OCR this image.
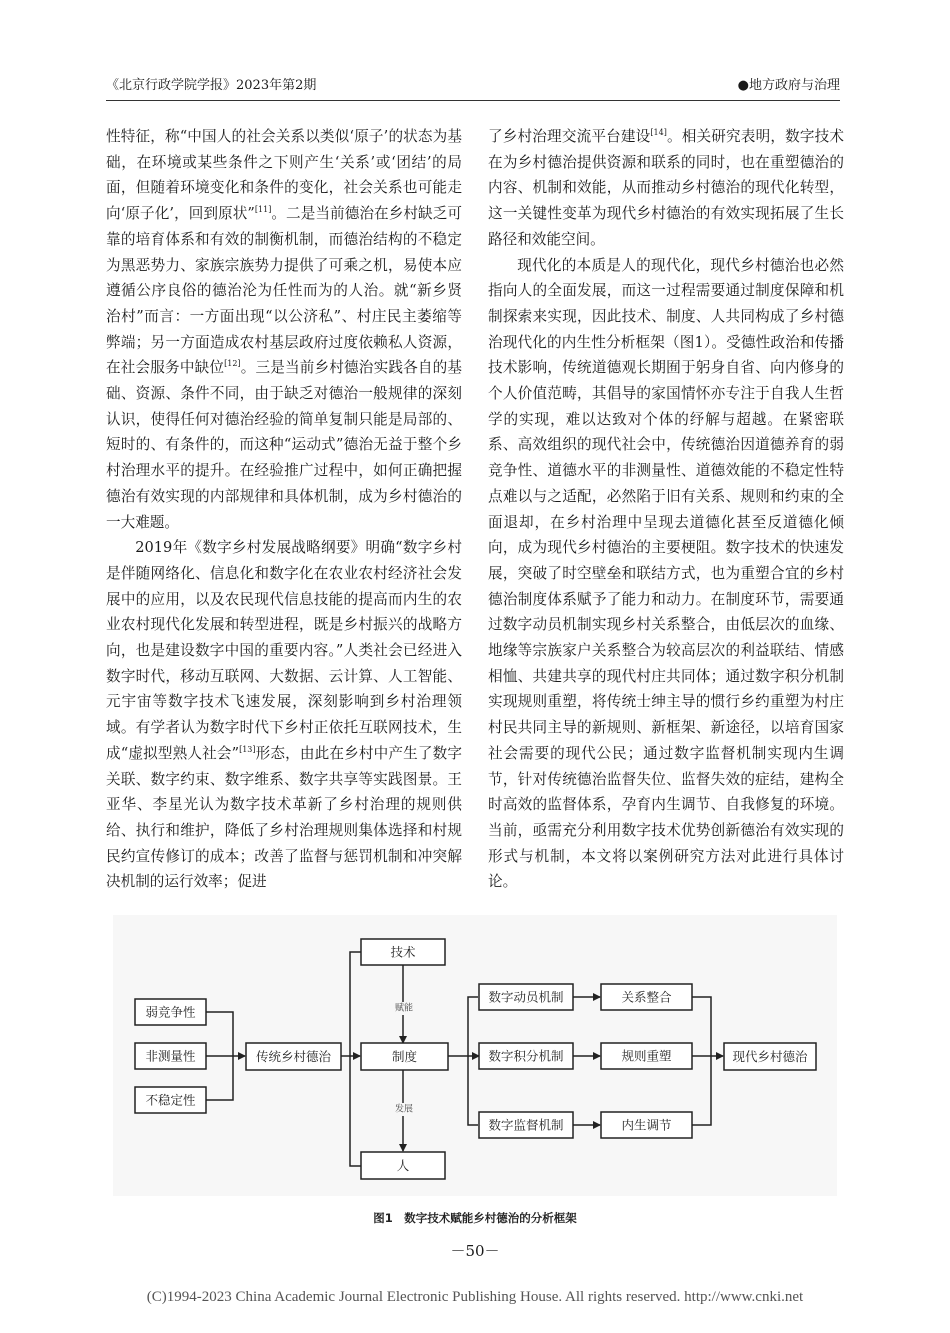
《北京行政学院学报》2023年第2期	●地方政府与治理

性特征，称“中国人的社会关系以类似‘原子’的状态为基础，在环境或某些条件之下则产生‘关系’或‘团结’的局面，但随着环境变化和条件的变化，社会关系也可能走向‘原子化’，回到原状”[11]。二是当前德治在乡村缺乏可靠的培育体系和有效的制衡机制，而德治结构的不稳定为黑恶势力、家族宗族势力提供了可乘之机，易使本应遵循公序良俗的德治沦为任性而为的人治。就“新乡贤治村”而言：一方面出现“以公济私”、村庄民主萎缩等弊端；另一方面造成农村基层政府过度依赖私人资源，在社会服务中缺位[12]。三是当前乡村德治实践各自的基础、资源、条件不同，由于缺乏对德治一般规律的深刻认识，使得任何对德治经验的简单复制只能是局部的、短时的、有条件的，而这种“运动式”德治无益于整个乡村治理水平的提升。在经验推广过程中，如何正确把握德治有效实现的内部规律和具体机制，成为乡村德治的一大难题。

2019年《数字乡村发展战略纲要》明确“数字乡村是伴随网络化、信息化和数字化在农业农村经济社会发展中的应用，以及农民现代信息技能的提高而内生的农业农村现代化发展和转型进程，既是乡村振兴的战略方向，也是建设数字中国的重要内容。”人类社会已经进入数字时代，移动互联网、大数据、云计算、人工智能、元宇宙等数字技术飞速发展，深刻影响到乡村治理领域。有学者认为数字时代下乡村正依托互联网技术，生成“虚拟型熟人社会”[13]形态，由此在乡村中产生了数字关联、数字约束、数字维系、数字共享等实践图景。王亚华、李星光认为数字技术革新了乡村治理的规则供给、执行和维护，降低了乡村治理规则集体选择和村规民约宣传修订的成本；改善了监督与惩罚机制和冲突解决机制的运行效率；促进

了乡村治理交流平台建设[14]。相关研究表明，数字技术在为乡村德治提供资源和联系的同时，也在重塑德治的内容、机制和效能，从而推动乡村德治的现代化转型，这一关键性变革为现代乡村德治的有效实现拓展了生长路径和效能空间。

现代化的本质是人的现代化，现代乡村德治也必然指向人的全面发展，而这一过程需要通过制度保障和机制探索来实现，因此技术、制度、人共同构成了乡村德治现代化的内生性分析框架（图1）。受德性政治和传播技术影响，传统道德观长期囿于躬身自省、向内修身的个人价值范畴，其倡导的家国情怀亦专注于自我人生哲学的实现，难以达致对个体的纾解与超越。在紧密联系、高效组织的现代社会中，传统德治因道德养育的弱竞争性、道德水平的非测量性、道德效能的不稳定性特点难以与之适配，必然陷于旧有关系、规则和约束的全面退却，在乡村治理中呈现去道德化甚至反道德化倾向，成为现代乡村德治的主要梗阻。数字技术的快速发展，突破了时空壁垒和联结方式，也为重塑合宜的乡村德治制度体系赋予了能力和动力。在制度环节，需要通过数字动员机制实现乡村关系整合，由低层次的血缘、地缘等宗族家户关系整合为较高层次的利益联结、情感相恤、共建共享的现代村庄共同体；通过数字积分机制实现规则重塑，将传统士绅主导的惯行乡约重塑为村庄村民共同主导的新规则、新框架、新途径，以培育国家社会需要的现代公民；通过数字监督机制实现内生调节，针对传统德治监督失位、监督失效的症结，建构全时高效的监督体系，孕育内生调节、自我修复的环境。当前，亟需充分利用数字技术优势创新德治有效实现的形式与机制，本文将以案例研究方法对此进行具体讨论。

弱竞争性
非测量性
不稳定性
传统乡村德治
技术
制度
人
数字动员机制
数字积分机制
数字监督机制
关系整合
规则重塑
内生调节
现代乡村德治
赋能
发展
图1　数字技术赋能乡村德治的分析框架
－50－
(C)1994-2023 China Academic Journal Electronic Publishing House. All rights reserved. http://www.cnki.net
